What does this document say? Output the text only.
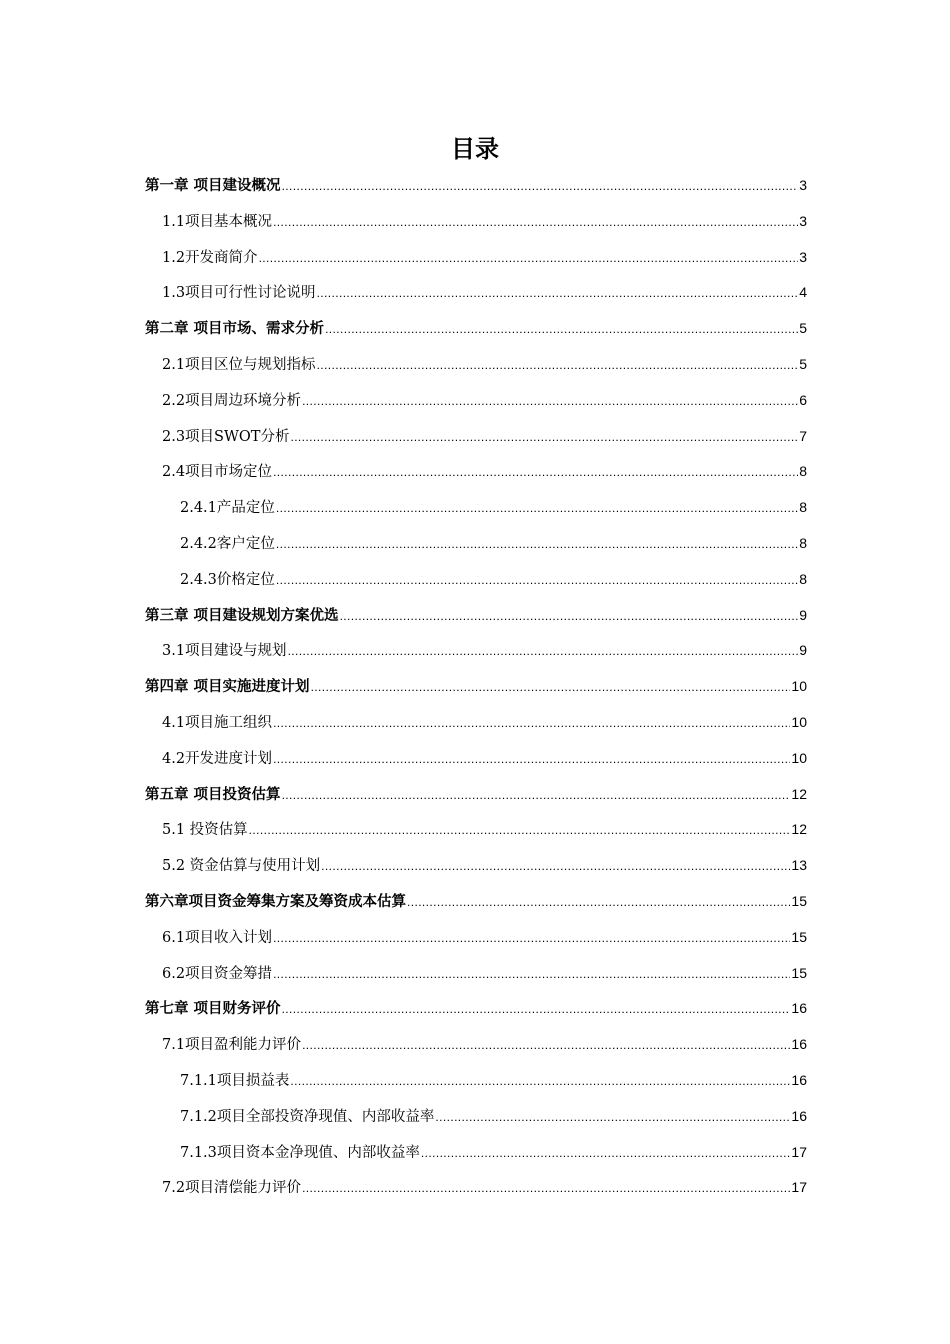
目录
第一章 项目建设概况 .....	3
1.1项目基本概况 .....	3
1.2开发商简介 .....	3
1.3项目可行性讨论说明 .....	4
第二章 项目市场、需求分析 .....	5
2.1项目区位与规划指标 .....	5
2.2项目周边环境分析 .....	6
2.3项目SWOT分析 .....	7
2.4项目市场定位 .....	8
2.4.1产品定位 .....	8
2.4.2客户定位 .....	8
2.4.3价格定位 .....	8
第三章 项目建设规划方案优选 .....	9
3.1项目建设与规划 .....	9
第四章 项目实施进度计划 .....	10
4.1项目施工组织 .....	10
4.2开发进度计划 .....	10
第五章 项目投资估算 .....	12
5.1 投资估算 .....	12
5.2 资金估算与使用计划 .....	13
第六章项目资金筹集方案及筹资成本估算 .....	15
6.1项目收入计划 .....	15
6.2项目资金筹措 .....	15
第七章 项目财务评价 .....	16
7.1项目盈利能力评价 .....	16
7.1.1项目损益表 .....	16
7.1.2项目全部投资净现值、内部收益率 .....	16
7.1.3项目资本金净现值、内部收益率 .....	17
7.2项目清偿能力评价 .....	17
